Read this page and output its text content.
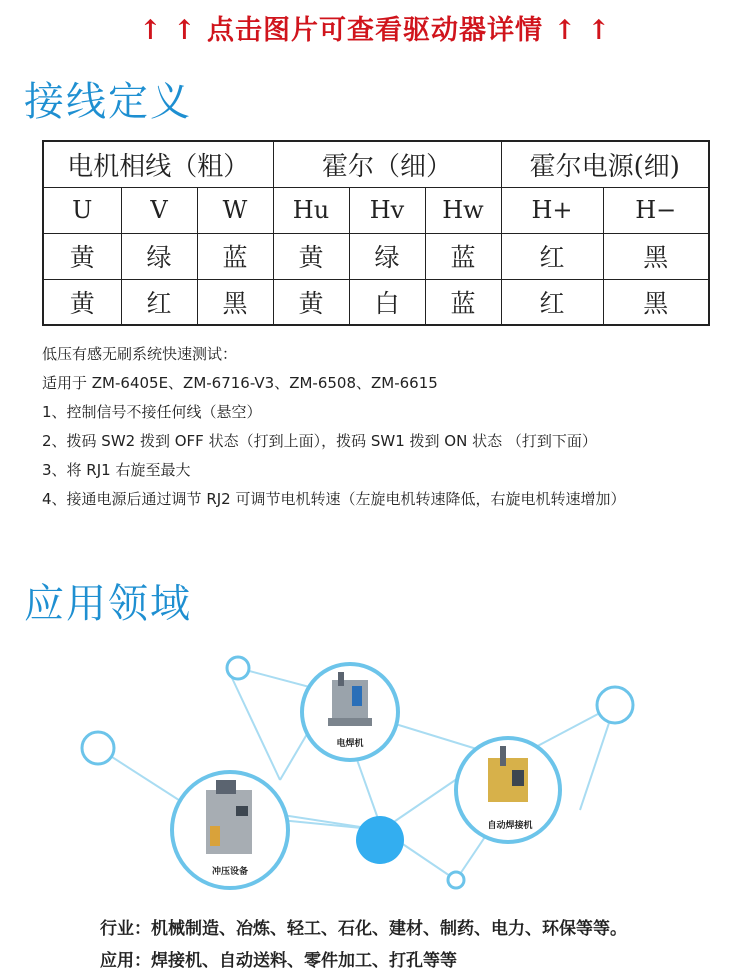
↑ ↑ 点击图片可查看驱动器详情 ↑ ↑
接线定义
电机相线（粗）			霍尔（细）			霍尔电源(细)	
U	V	W	Hu	Hv	Hw	H+	H−
黄	绿	蓝	黄	绿	蓝	红	黑
黄	红	黑	黄	白	蓝	红	黑

低压有感无刷系统快速测试：

适用于 ZM-6405E、ZM-6716-V3、ZM-6508、ZM-6615

1、控制信号不接任何线（悬空）

2、拨码 SW2 拨到 OFF 状态（打到上面），拨码 SW1 拨到 ON 状态 （打到下面）

3、将 RJ1 右旋至最大

4、接通电源后通过调节 RJ2 可调节电机转速（左旋电机转速降低，右旋电机转速增加）

应用领域
电焊机
自动焊接机
冲压设备
行业：机械制造、冶炼、轻工、石化、建材、制药、电力、环保等等。
应用：焊接机、自动送料、零件加工、打孔等等
